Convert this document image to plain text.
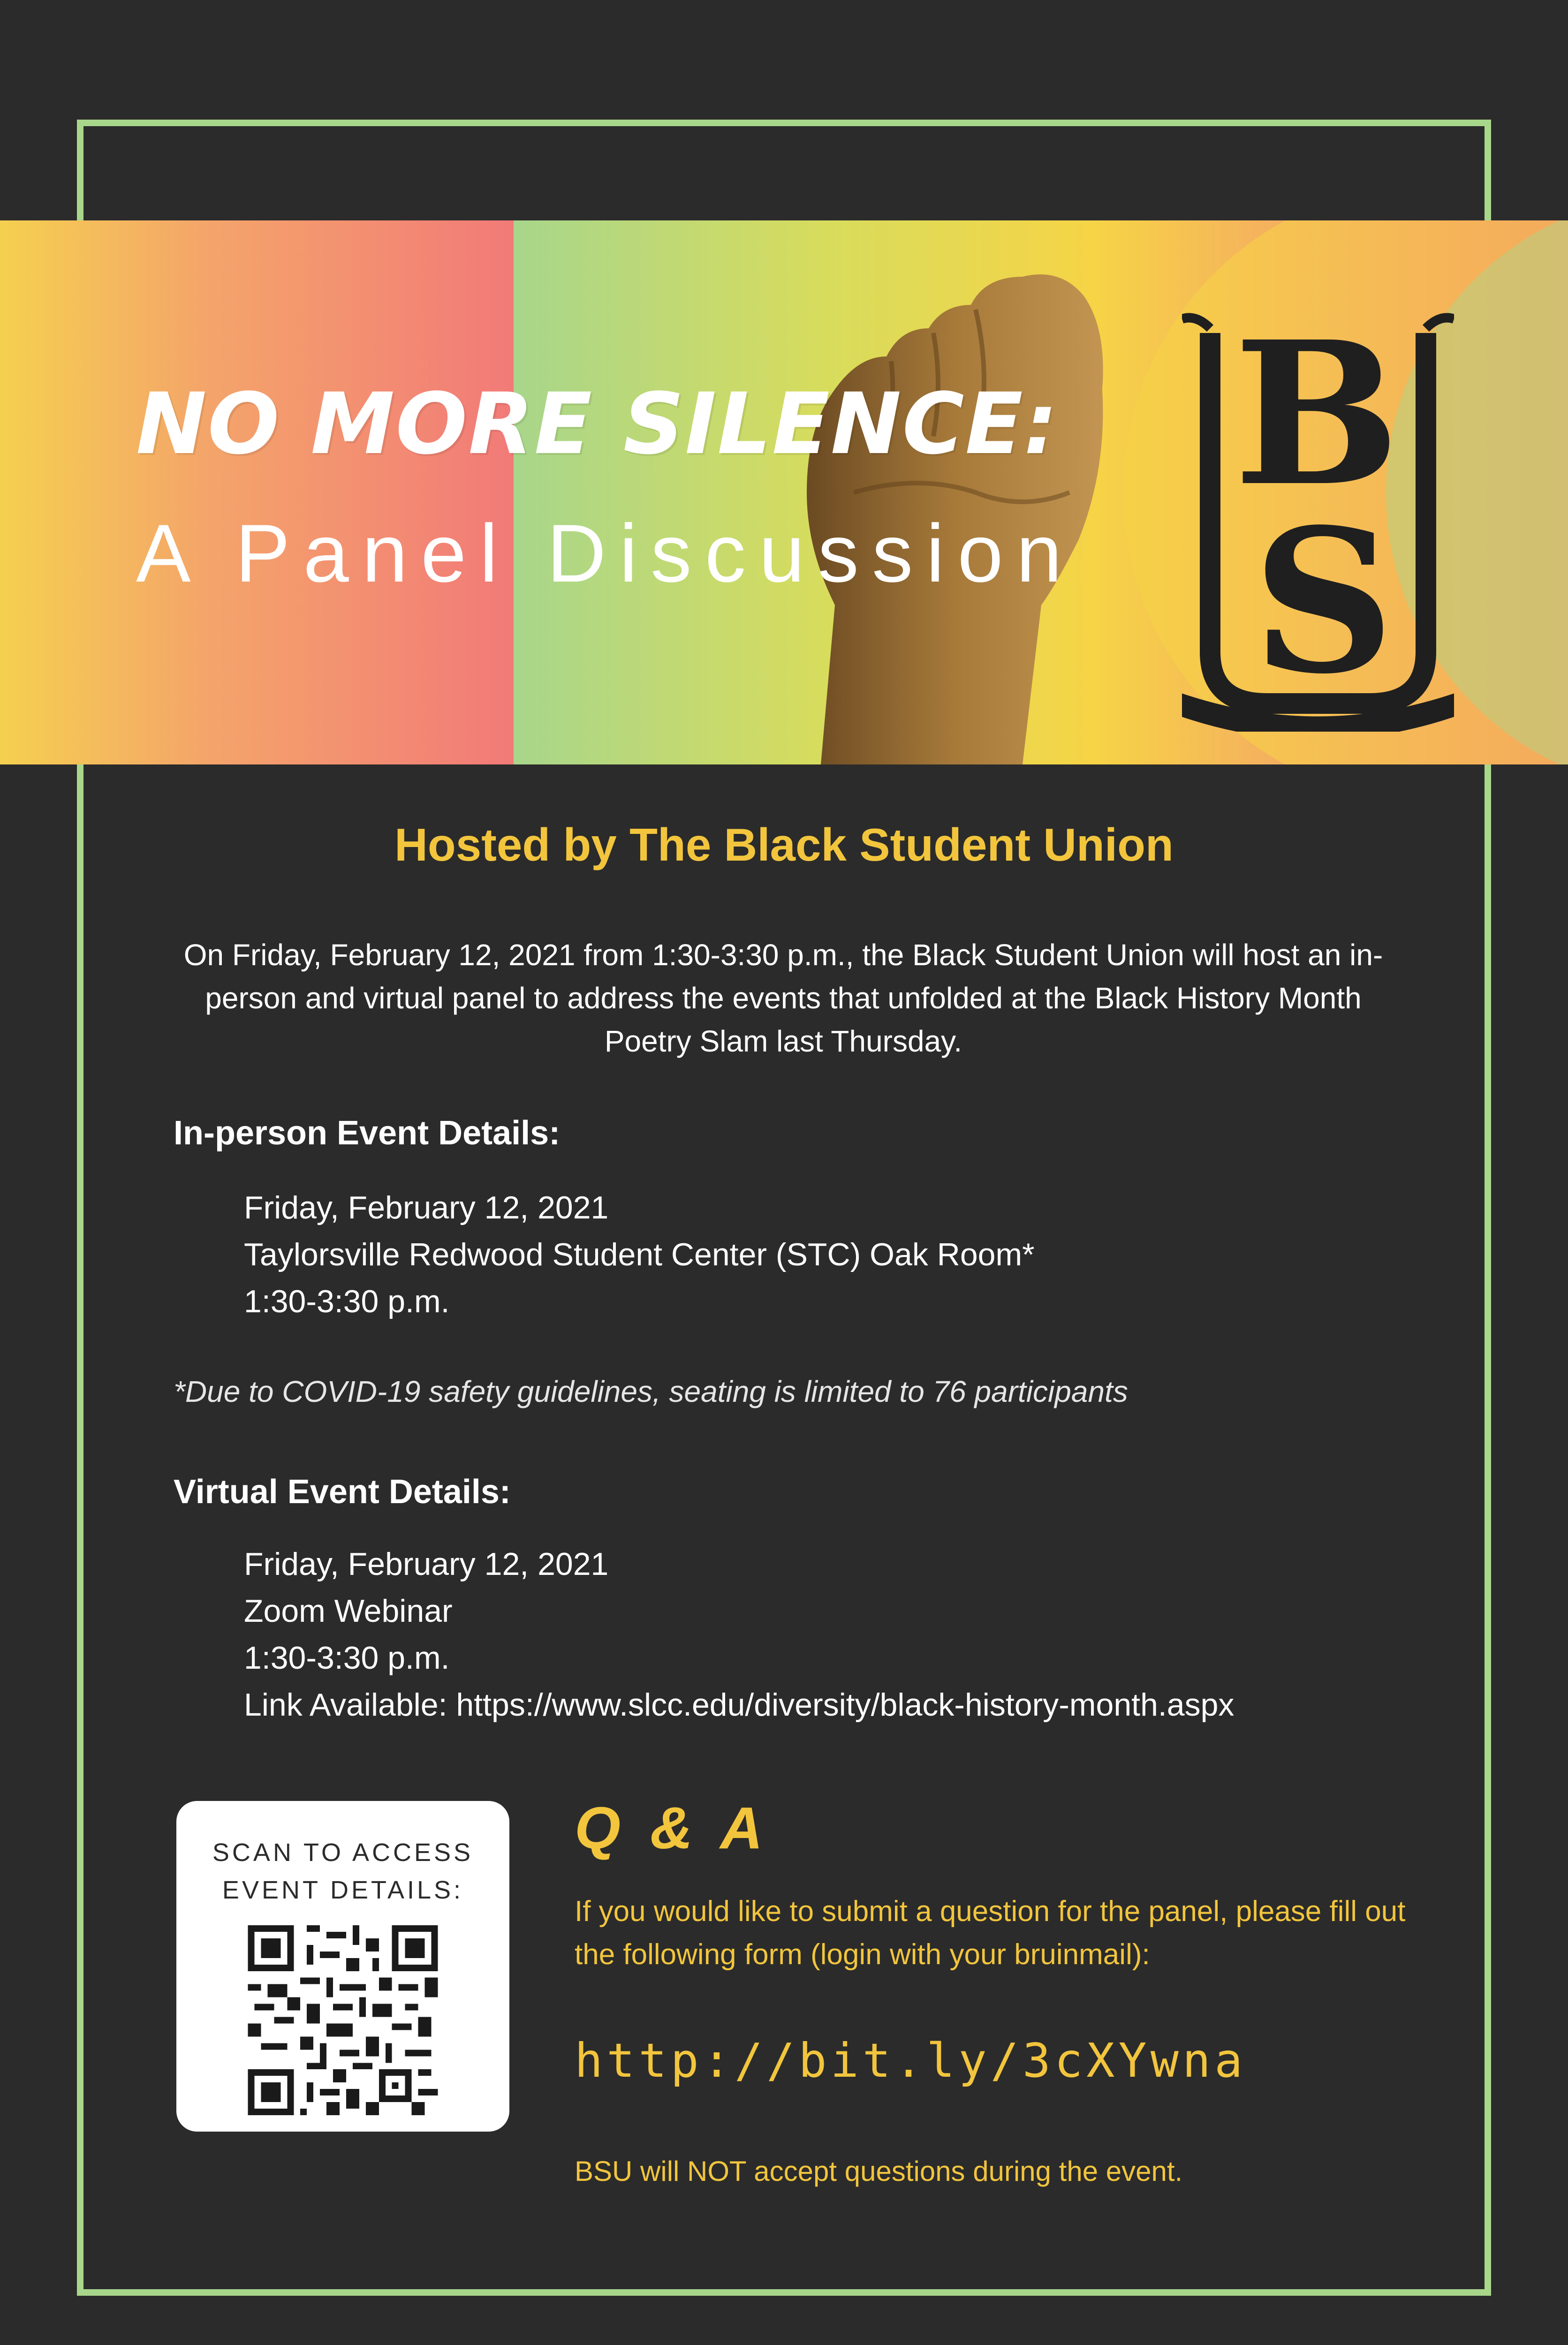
NO MORE SILENCE:
A Panel Discussion
B
S
Hosted by The Black Student Union
On Friday, February 12, 2021 from 1:30-3:30 p.m., the Black Student Union will host an in-person and virtual panel to address the events that unfolded at the Black History Month Poetry Slam last Thursday.
In-person Event Details:
Friday, February 12, 2021
Taylorsville Redwood Student Center (STC) Oak Room*
1:30-3:30 p.m.
*Due to COVID-19 safety guidelines, seating is limited to 76 participants
Virtual Event Details:
Friday, February 12, 2021
Zoom Webinar
1:30-3:30 p.m.
Link Available: https://www.slcc.edu/diversity/black-history-month.aspx
SCAN TO ACCESS
EVENT DETAILS:
Q & A
If you would like to submit a question for the panel, please fill out the following form (login with your bruinmail):
http://bit.ly/3cXYwna
BSU will NOT accept questions during the event.
